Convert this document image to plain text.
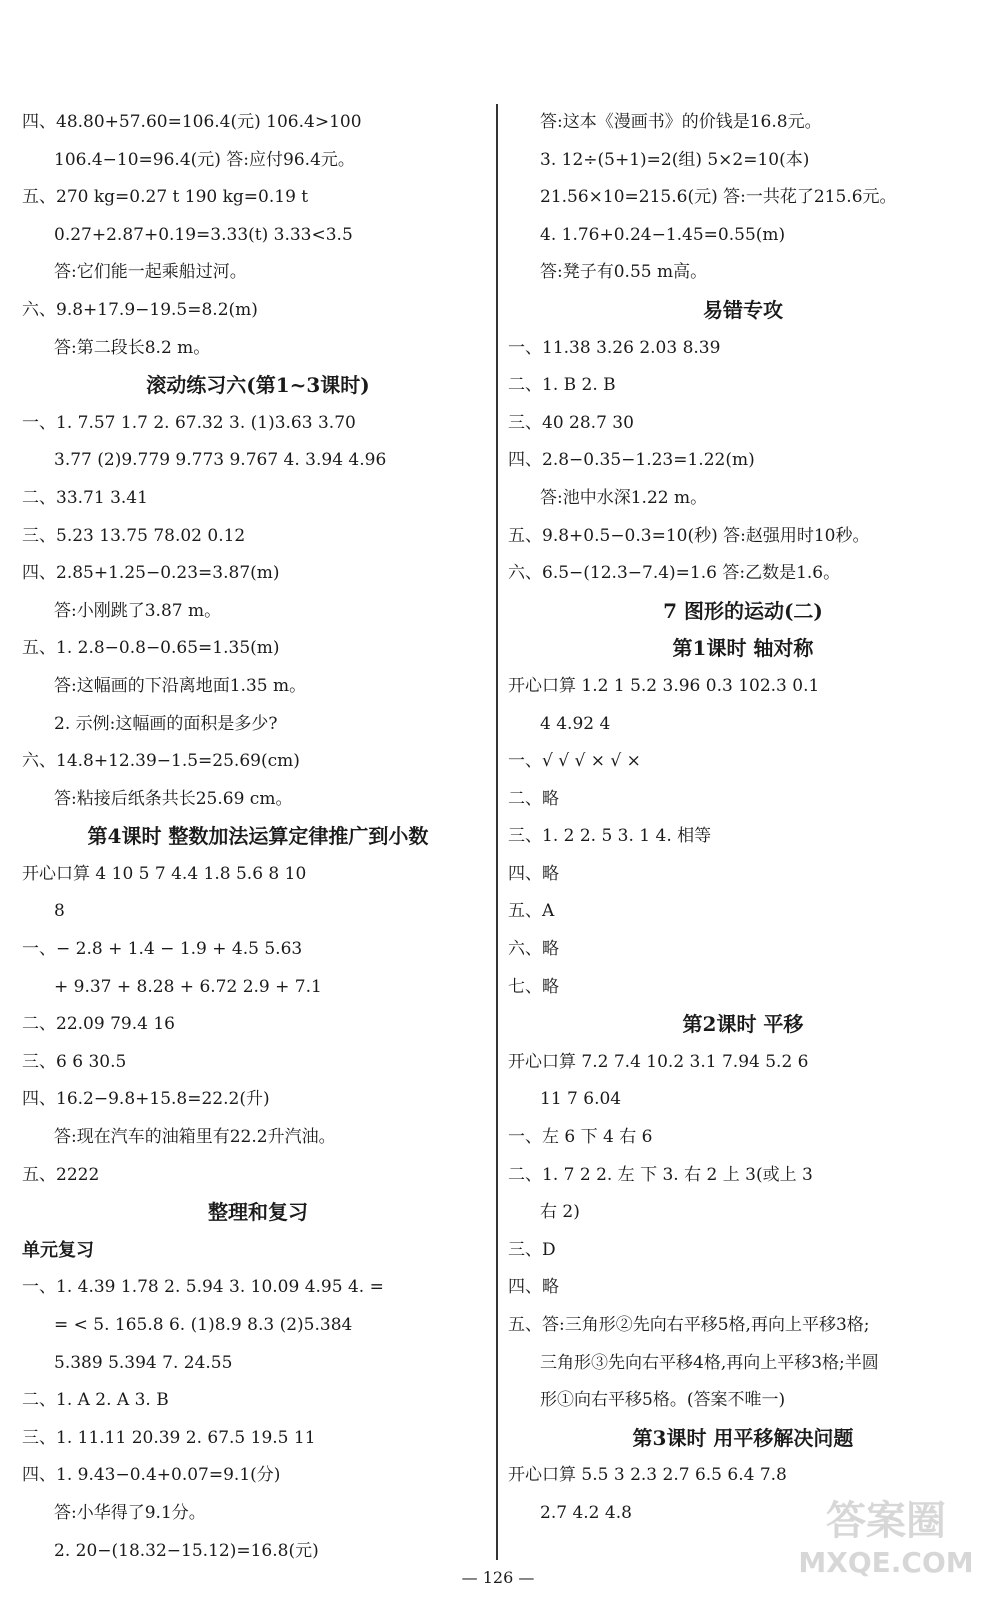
四、48.80+57.60=106.4(元) 106.4>100
106.4−10=96.4(元) 答:应付96.4元。
五、270 kg=0.27 t 190 kg=0.19 t
0.27+2.87+0.19=3.33(t) 3.33<3.5
答:它们能一起乘船过河。
六、9.8+17.9−19.5=8.2(m)
答:第二段长8.2 m。
滚动练习六(第1~3课时)
一、1. 7.57 1.7 2. 67.32 3. (1)3.63 3.70
3.77 (2)9.779 9.773 9.767 4. 3.94 4.96
二、33.71 3.41
三、5.23 13.75 78.02 0.12
四、2.85+1.25−0.23=3.87(m)
答:小刚跳了3.87 m。
五、1. 2.8−0.8−0.65=1.35(m)
答:这幅画的下沿离地面1.35 m。
2. 示例:这幅画的面积是多少?
六、14.8+12.39−1.5=25.69(cm)
答:粘接后纸条共长25.69 cm。
第4课时 整数加法运算定律推广到小数
开心口算 4 10 5 7 4.4 1.8 5.6 8 10
8
一、− 2.8 + 1.4 − 1.9 + 4.5 5.63
+ 9.37 + 8.28 + 6.72 2.9 + 7.1
二、22.09 79.4 16
三、6 6 30.5
四、16.2−9.8+15.8=22.2(升)
答:现在汽车的油箱里有22.2升汽油。
五、2222
整理和复习
单元复习
一、1. 4.39 1.78 2. 5.94 3. 10.09 4.95 4. =
= < 5. 165.8 6. (1)8.9 8.3 (2)5.384
5.389 5.394 7. 24.55
二、1. A 2. A 3. B
三、1. 11.11 20.39 2. 67.5 19.5 11
四、1. 9.43−0.4+0.07=9.1(分)
答:小华得了9.1分。
2. 20−(18.32−15.12)=16.8(元)
答:这本《漫画书》的价钱是16.8元。
3. 12÷(5+1)=2(组) 5×2=10(本)
21.56×10=215.6(元) 答:一共花了215.6元。
4. 1.76+0.24−1.45=0.55(m)
答:凳子有0.55 m高。
易错专攻
一、11.38 3.26 2.03 8.39
二、1. B 2. B
三、40 28.7 30
四、2.8−0.35−1.23=1.22(m)
答:池中水深1.22 m。
五、9.8+0.5−0.3=10(秒) 答:赵强用时10秒。
六、6.5−(12.3−7.4)=1.6 答:乙数是1.6。
7 图形的运动(二)
第1课时 轴对称
开心口算 1.2 1 5.2 3.96 0.3 102.3 0.1
4 4.92 4
一、√ √ √ × √ ×
二、略
三、1. 2 2. 5 3. 1 4. 相等
四、略
五、A
六、略
七、略
第2课时 平移
开心口算 7.2 7.4 10.2 3.1 7.94 5.2 6
11 7 6.04
一、左 6 下 4 右 6
二、1. 7 2 2. 左 下 3. 右 2 上 3(或上 3
右 2)
三、D
四、略
五、答:三角形②先向右平移5格,再向上平移3格;
三角形③先向右平移4格,再向上平移3格;半圆
形①向右平移5格。(答案不唯一)
第3课时 用平移解决问题
开心口算 5.5 3 2.3 2.7 6.5 6.4 7.8
2.7 4.2 4.8
— 126 —
答案圈
MXQE.COM
